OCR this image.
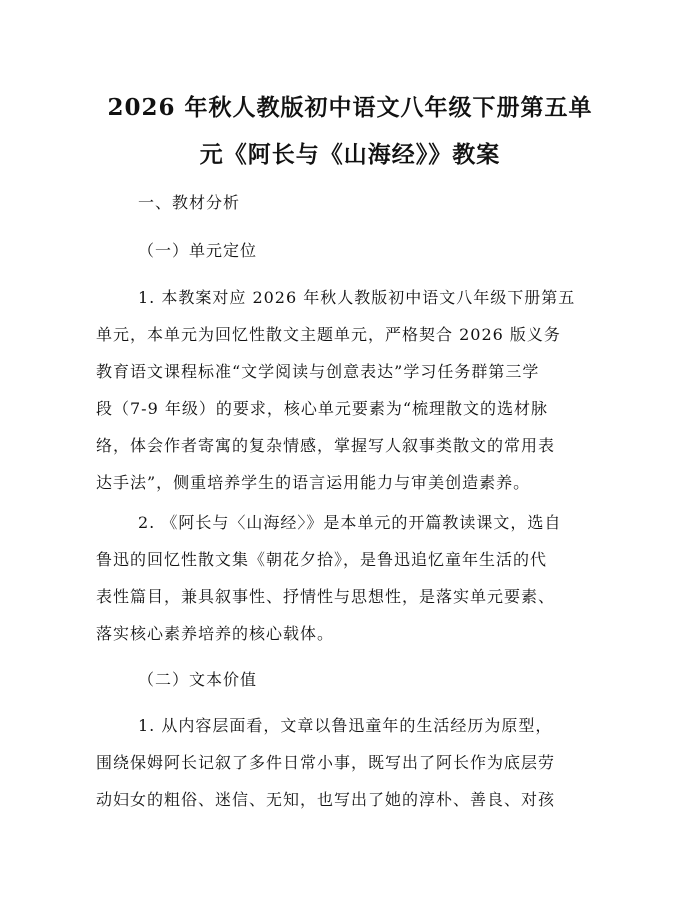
2026 年秋人教版初中语文八年级下册第五单
元《阿长与《山海经》》教案
一、教材分析
（一）单元定位
1. 本教案对应 2026 年秋人教版初中语文八年级下册第五
单元，本单元为回忆性散文主题单元，严格契合 2026 版义务
教育语文课程标准“文学阅读与创意表达”学习任务群第三学
段（7-9 年级）的要求，核心单元要素为“梳理散文的选材脉
络，体会作者寄寓的复杂情感，掌握写人叙事类散文的常用表
达手法”，侧重培养学生的语言运用能力与审美创造素养。
2. 《阿长与〈山海经〉》是本单元的开篇教读课文，选自
鲁迅的回忆性散文集《朝花夕拾》，是鲁迅追忆童年生活的代
表性篇目，兼具叙事性、抒情性与思想性，是落实单元要素、
落实核心素养培养的核心载体。
（二）文本价值
1. 从内容层面看，文章以鲁迅童年的生活经历为原型，
围绕保姆阿长记叙了多件日常小事，既写出了阿长作为底层劳
动妇女的粗俗、迷信、无知，也写出了她的淳朴、善良、对孩
